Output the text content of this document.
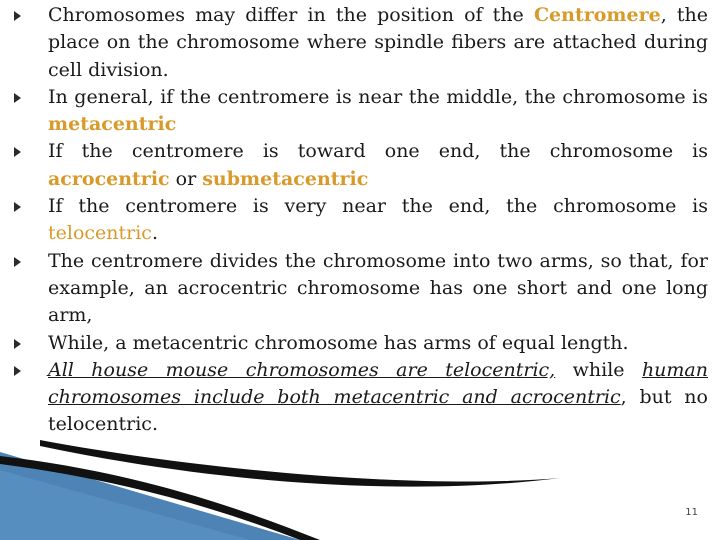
Chromosomes may differ in the position of the Centromere, the place on the chromosome where spindle fibers are attached during cell division.
In general, if the centromere is near the middle, the chromosome is metacentric
If the centromere is toward one end, the chromosome is acrocentric or submetacentric
If the centromere is very near the end, the chromosome is telocentric.
The centromere divides the chromosome into two arms, so that, for example, an acrocentric chromosome has one short and one long arm,
While, a metacentric chromosome has arms of equal length.
All house mouse chromosomes are telocentric, while human chromosomes include both metacentric and acrocentric, but no telocentric.
11
